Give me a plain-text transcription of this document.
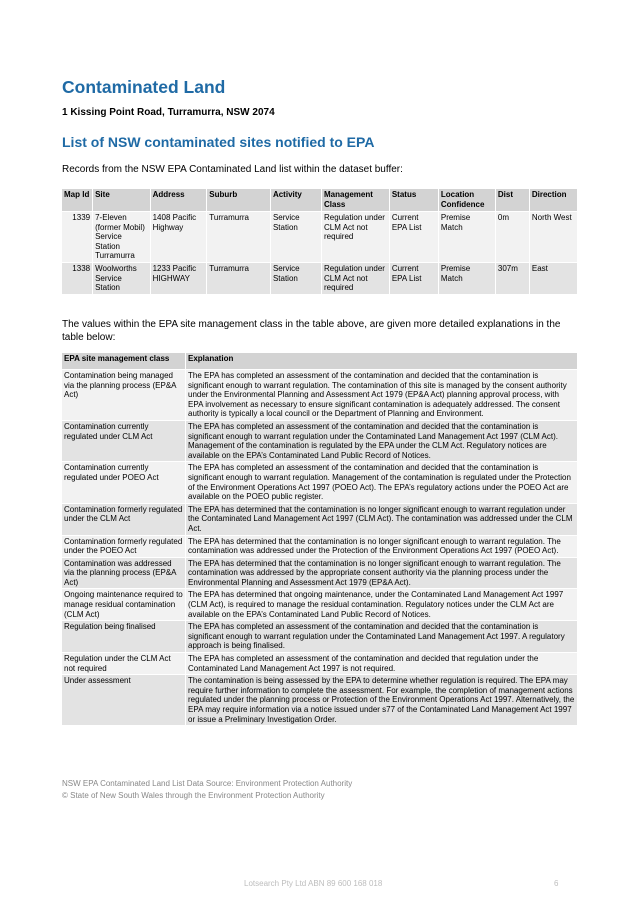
Contaminated Land

1 Kissing Point Road, Turramurra, NSW 2074

List of NSW contaminated sites notified to EPA

Records from the NSW EPA Contaminated Land list within the dataset buffer:

Map Id	Site	Address	Suburb	Activity	Management Class	Status	Location Confidence	Dist	Direction
1339	7-Eleven (former Mobil) Service Station Turramurra	1408 Pacific Highway	Turramurra	Service Station	Regulation under CLM Act not required	Current EPA List	Premise Match	0m	North West
1338	Woolworths Service Station	1233 Pacific HIGHWAY	Turramurra	Service Station	Regulation under CLM Act not required	Current EPA List	Premise Match	307m	East

The values within the EPA site management class in the table above, are given more detailed explanations in the table below:

EPA site management class	Explanation
Contamination being managed via the planning process (EP&A Act)	The EPA has completed an assessment of the contamination and decided that the contamination is significant enough to warrant regulation. The contamination of this site is managed by the consent authority under the Environmental Planning and Assessment Act 1979 (EP&A Act) planning approval process, with EPA involvement as necessary to ensure significant contamination is adequately addressed. The consent authority is typically a local council or the Department of Planning and Environment.
Contamination currently regulated under CLM Act	The EPA has completed an assessment of the contamination and decided that the contamination is significant enough to warrant regulation under the Contaminated Land Management Act 1997 (CLM Act). Management of the contamination is regulated by the EPA under the CLM Act. Regulatory notices are available on the EPA’s Contaminated Land Public Record of Notices.
Contamination currently regulated under POEO Act	The EPA has completed an assessment of the contamination and decided that the contamination is significant enough to warrant regulation. Management of the contamination is regulated under the Protection of the Environment Operations Act 1997 (POEO Act). The EPA’s regulatory actions under the POEO Act are available on the POEO public register.
Contamination formerly regulated under the CLM Act	The EPA has determined that the contamination is no longer significant enough to warrant regulation under the Contaminated Land Management Act 1997 (CLM Act). The contamination was addressed under the CLM Act.
Contamination formerly regulated under the POEO Act	The EPA has determined that the contamination is no longer significant enough to warrant regulation. The contamination was addressed under the Protection of the Environment Operations Act 1997 (POEO Act).
Contamination was addressed via the planning process (EP&A Act)	The EPA has determined that the contamination is no longer significant enough to warrant regulation. The contamination was addressed by the appropriate consent authority via the planning process under the Environmental Planning and Assessment Act 1979 (EP&A Act).
Ongoing maintenance required to manage residual contamination (CLM Act)	The EPA has determined that ongoing maintenance, under the Contaminated Land Management Act 1997 (CLM Act), is required to manage the residual contamination. Regulatory notices under the CLM Act are available on the EPA’s Contaminated Land Public Record of Notices.
Regulation being finalised	The EPA has completed an assessment of the contamination and decided that the contamination is significant enough to warrant regulation under the Contaminated Land Management Act 1997. A regulatory approach is being finalised.
Regulation under the CLM Act not required	The EPA has completed an assessment of the contamination and decided that regulation under the Contaminated Land Management Act 1997 is not required.
Under assessment	The contamination is being assessed by the EPA to determine whether regulation is required. The EPA may require further information to complete the assessment. For example, the completion of management actions regulated under the planning process or Protection of the Environment Operations Act 1997. Alternatively, the EPA may require information via a notice issued under s77 of the Contaminated Land Management Act 1997 or issue a Preliminary Investigation Order.
NSW EPA Contaminated Land List Data Source: Environment Protection Authority
© State of New South Wales through the Environment Protection Authority
Lotsearch Pty Ltd ABN 89 600 168 018	6
